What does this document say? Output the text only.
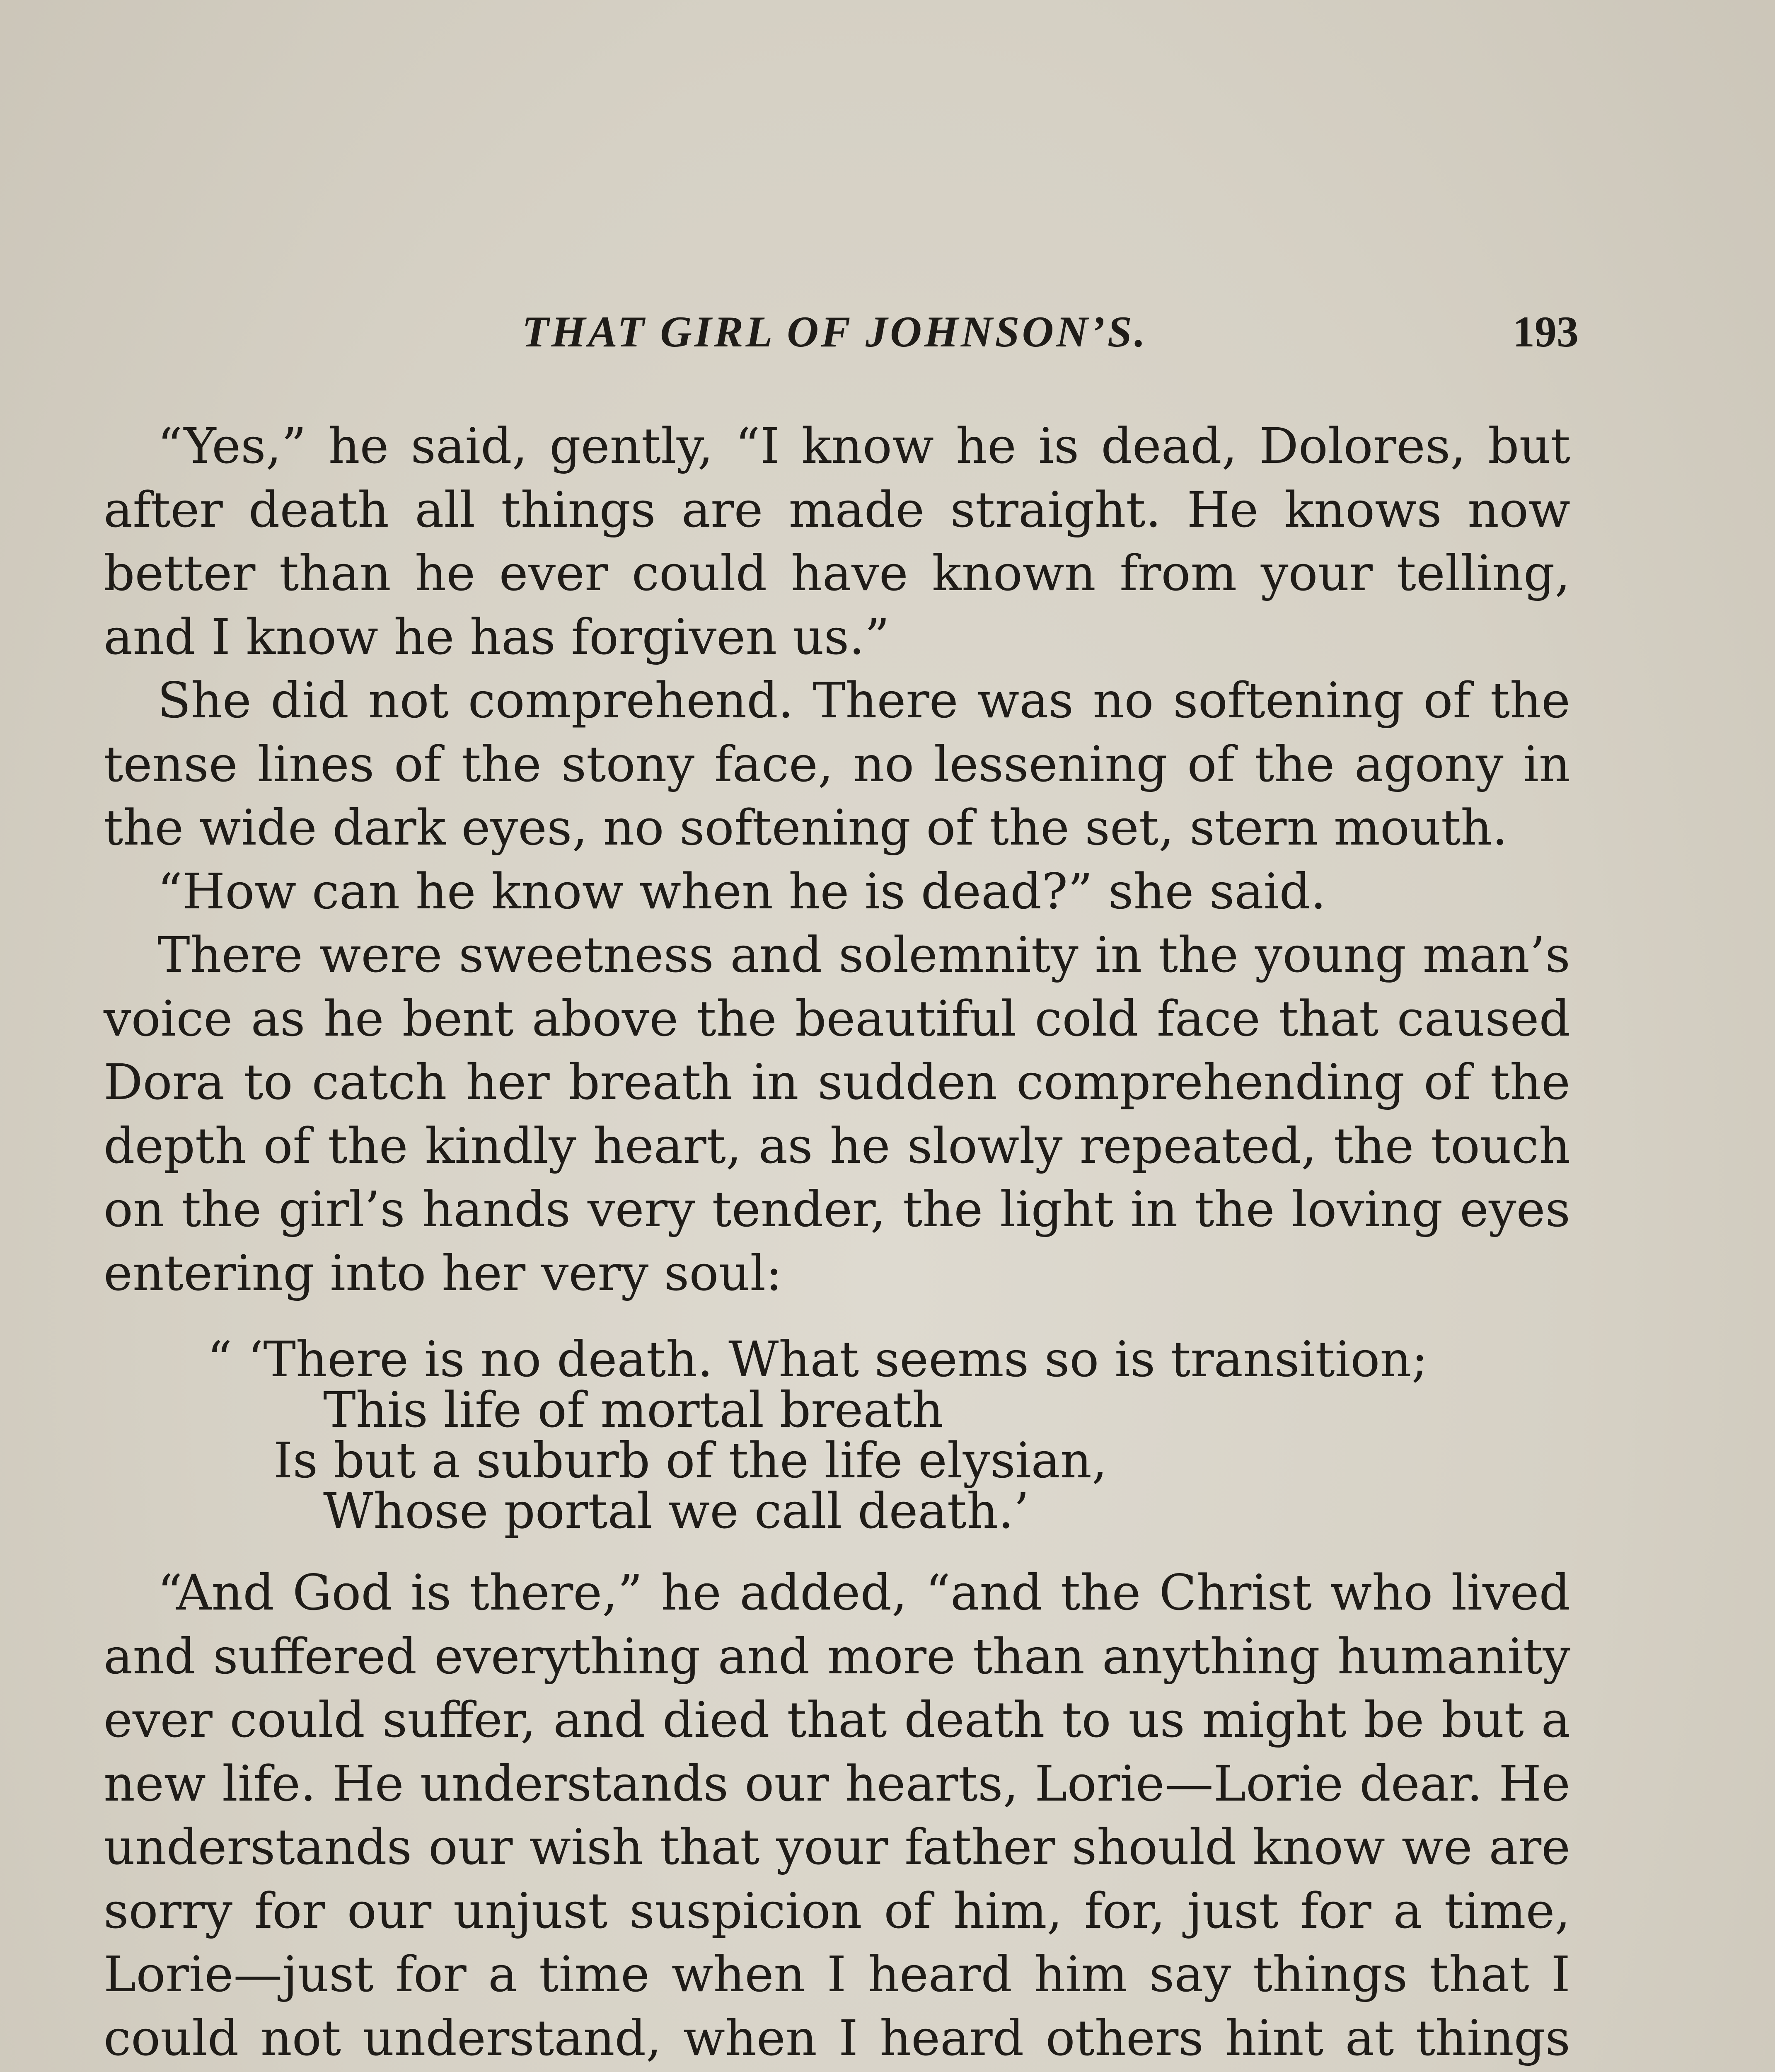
THAT GIRL OF JOHNSON’S.	193

“Yes,” he said, gently, “I know he is dead, Dolores, but after death all things are made straight. He knows now better than he ever could have known from your telling, and I know he has forgiven us.”

She did not comprehend. There was no softening of the tense lines of the stony face, no lessening of the agony in the wide dark eyes, no softening of the set, stern mouth.

“How can he know when he is dead?” she said.

There were sweetness and solemnity in the young man’s voice as he bent above the beautiful cold face that caused Dora to catch her breath in sudden comprehending of the depth of the kindly heart, as he slowly repeated, the touch on the girl’s hands very tender, the light in the loving eyes entering into her very soul:

“ ‘There is no death. What seems so is transition;
This life of mortal breath
Is but a suburb of the life elysian,
Whose portal we call death.’

“And God is there,” he added, “and the Christ who lived and suffered everything and more than anything humanity ever could suffer, and died that death to us might be but a new life. He understands our hearts, Lorie—Lorie dear. He understands our wish that your father should know we are sorry for our unjust suspicion of him, for, just for a time, Lorie—just for a time when I heard him say things that I could not understand, when I heard others hint at things
